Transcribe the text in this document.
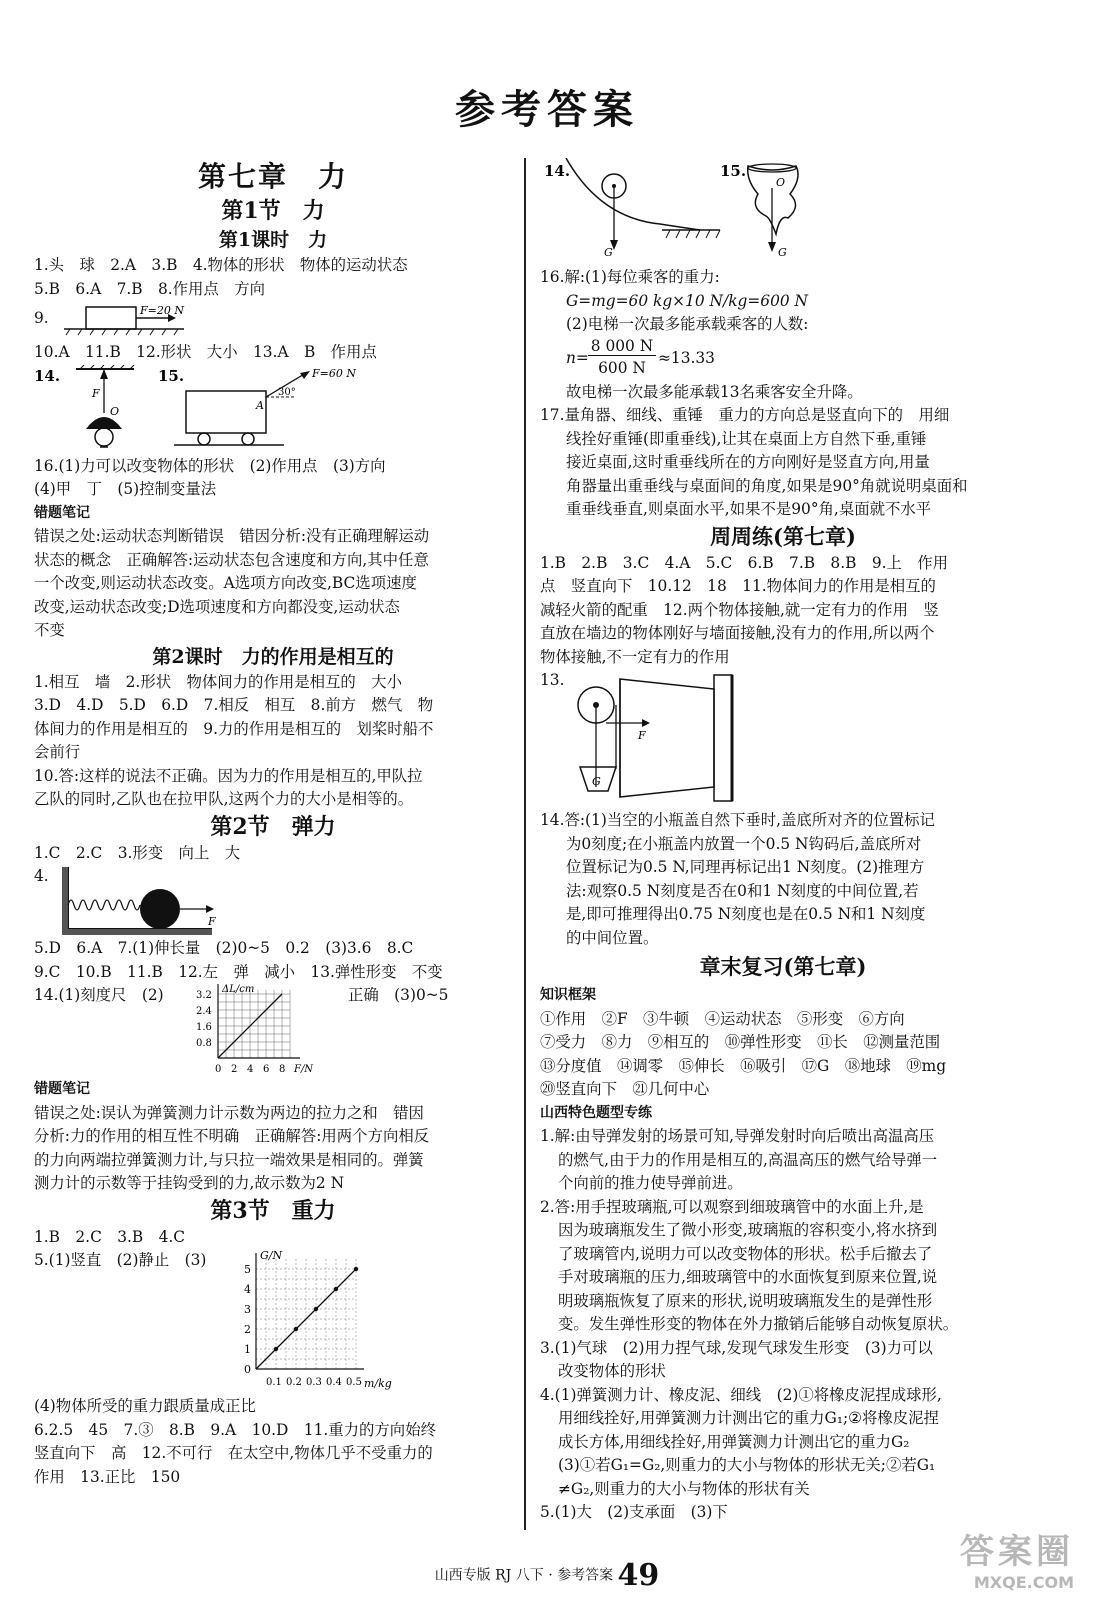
参考答案
第七章　力
第1节　力
第1课时　力
1.头　球　2.A　3.B　4.物体的形状　物体的运动状态
5.B　6.A　7.B　8.作用点　方向
9.	F=20 N
10.A　11.B　12.形状　大小　13.A　B　作用点
14.
F
O
15.	F=60 N
A
30°
16.(1)力可以改变物体的形状　(2)作用点　(3)方向
(4)甲　丁　(5)控制变量法
错题笔记
错误之处:运动状态判断错误　错因分析:没有正确理解运动
状态的概念　正确解答:运动状态包含速度和方向,其中任意
一个改变,则运动状态改变。A选项方向改变,BC选项速度
改变,运动状态改变;D选项速度和方向都没变,运动状态
不变
第2课时　力的作用是相互的
1.相互　墙　2.形状　物体间力的作用是相互的　大小
3.D　4.D　5.D　6.D　7.相反　相互　8.前方　燃气　物
体间力的作用是相互的　9.力的作用是相互的　划桨时船不
会前行
10.答:这样的说法不正确。因为力的作用是相互的,甲队拉
乙队的同时,乙队也在拉甲队,这两个力的大小是相等的。
第2节　弹力
1.C　2.C　3.形变　向上　大
4.
F
5.D　6.A　7.(1)伸长量　(2)0~5　0.2　(3)3.6　8.C
9.C　10.B　11.B　12.左　弹　减小　13.弹性形变　不变
14.(1)刻度尺　(2)	正确　(3)0~5
ΔL/cm
F/N
3.2
2.4
1.6
0.8
0 2 4 6 8
错题笔记
错误之处:误认为弹簧测力计示数为两边的拉力之和　错因
分析:力的作用的相互性不明确　正确解答:用两个方向相反
的力向两端拉弹簧测力计,与只拉一端效果是相同的。弹簧
测力计的示数等于挂钩受到的力,故示数为2 N
第3节　重力
1.B　2.C　3.B　4.C
5.(1)竖直　(2)静止　(3)	G/N
m/kg
5
4
3
2
1
0
0.1 0.2 0.3 0.4 0.5
(4)物体所受的重力跟质量成正比
6.2.5　45　7.③　8.B　9.A　10.D　11.重力的方向始终
竖直向下　高　12.不可行　在太空中,物体几乎不受重力的
作用　13.正比　150
14.
G
15.
O
G
16.解:(1)每位乘客的重力:
G=mg=60 kg×10 N/kg=600 N
(2)电梯一次最多能承载乘客的人数:
n=
8 000 N
600 N
≈13.33
故电梯一次最多能承载13名乘客安全升降。
17.量角器、细线、重锤　重力的方向总是竖直向下的　用细
线拴好重锤(即重垂线),让其在桌面上方自然下垂,重锤
接近桌面,这时重垂线所在的方向刚好是竖直方向,用量
角器量出重垂线与桌面间的角度,如果是90°角就说明桌面和
重垂线垂直,则桌面水平,如果不是90°角,桌面就不水平
周周练(第七章)
1.B　2.B　3.C　4.A　5.C　6.B　7.B　8.B　9.上　作用
点　竖直向下　10.12　18　11.物体间力的作用是相互的
减轻火箭的配重　12.两个物体接触,就一定有力的作用　竖
直放在墙边的物体刚好与墙面接触,没有力的作用,所以两个
物体接触,不一定有力的作用
13.
F
G
14.答:(1)当空的小瓶盖自然下垂时,盖底所对齐的位置标记
为0刻度;在小瓶盖内放置一个0.5 N钩码后,盖底所对
位置标记为0.5 N,同理再标记出1 N刻度。(2)推理方
法:观察0.5 N刻度是否在0和1 N刻度的中间位置,若
是,即可推理得出0.75 N刻度也是在0.5 N和1 N刻度
的中间位置。
章末复习(第七章)
知识框架
①作用　②F　③牛顿　④运动状态　⑤形变　⑥方向
⑦受力　⑧力　⑨相互的　⑩弹性形变　⑪长　⑫测量范围
⑬分度值　⑭调零　⑮伸长　⑯吸引　⑰G　⑱地球　⑲mg
⑳竖直向下　㉑几何中心
山西特色题型专练
1.解:由导弹发射的场景可知,导弹发射时向后喷出高温高压
的燃气,由于力的作用是相互的,高温高压的燃气给导弹一
个向前的推力使导弹前进。
2.答:用手捏玻璃瓶,可以观察到细玻璃管中的水面上升,是
因为玻璃瓶发生了微小形变,玻璃瓶的容积变小,将水挤到
了玻璃管内,说明力可以改变物体的形状。松手后撤去了
手对玻璃瓶的压力,细玻璃管中的水面恢复到原来位置,说
明玻璃瓶恢复了原来的形状,说明玻璃瓶发生的是弹性形
变。发生弹性形变的物体在外力撤销后能够自动恢复原状。
3.(1)气球　(2)用力捏气球,发现气球发生形变　(3)力可以
改变物体的形状
4.(1)弹簧测力计、橡皮泥、细线　(2)①将橡皮泥捏成球形,
用细线拴好,用弹簧测力计测出它的重力G₁;②将橡皮泥捏
成长方体,用细线拴好,用弹簧测力计测出它的重力G₂
(3)①若G₁=G₂,则重力的大小与物体的形状无关;②若G₁
≠G₂,则重力的大小与物体的形状有关
5.(1)大　(2)支承面　(3)下
山西专版 RJ 八下 · 参考答案 49
答案圈
MXQE.COM
